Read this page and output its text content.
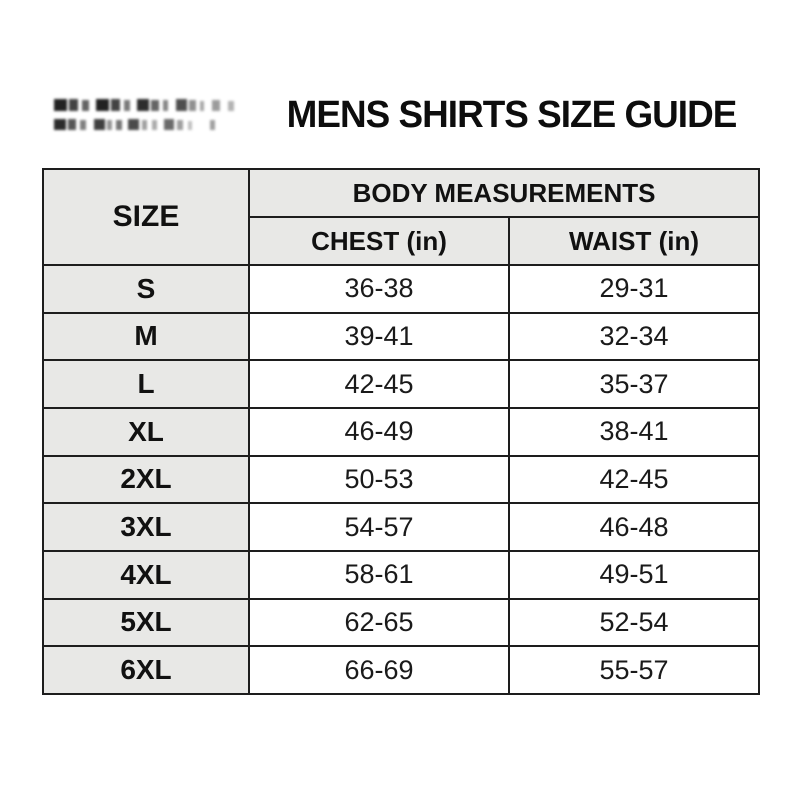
MENS SHIRTS SIZE GUIDE
SIZE	BODY MEASUREMENTS	
	CHEST (in)	WAIST (in)
S	36-38	29-31
M	39-41	32-34
L	42-45	35-37
XL	46-49	38-41
2XL	50-53	42-45
3XL	54-57	46-48
4XL	58-61	49-51
5XL	62-65	52-54
6XL	66-69	55-57
